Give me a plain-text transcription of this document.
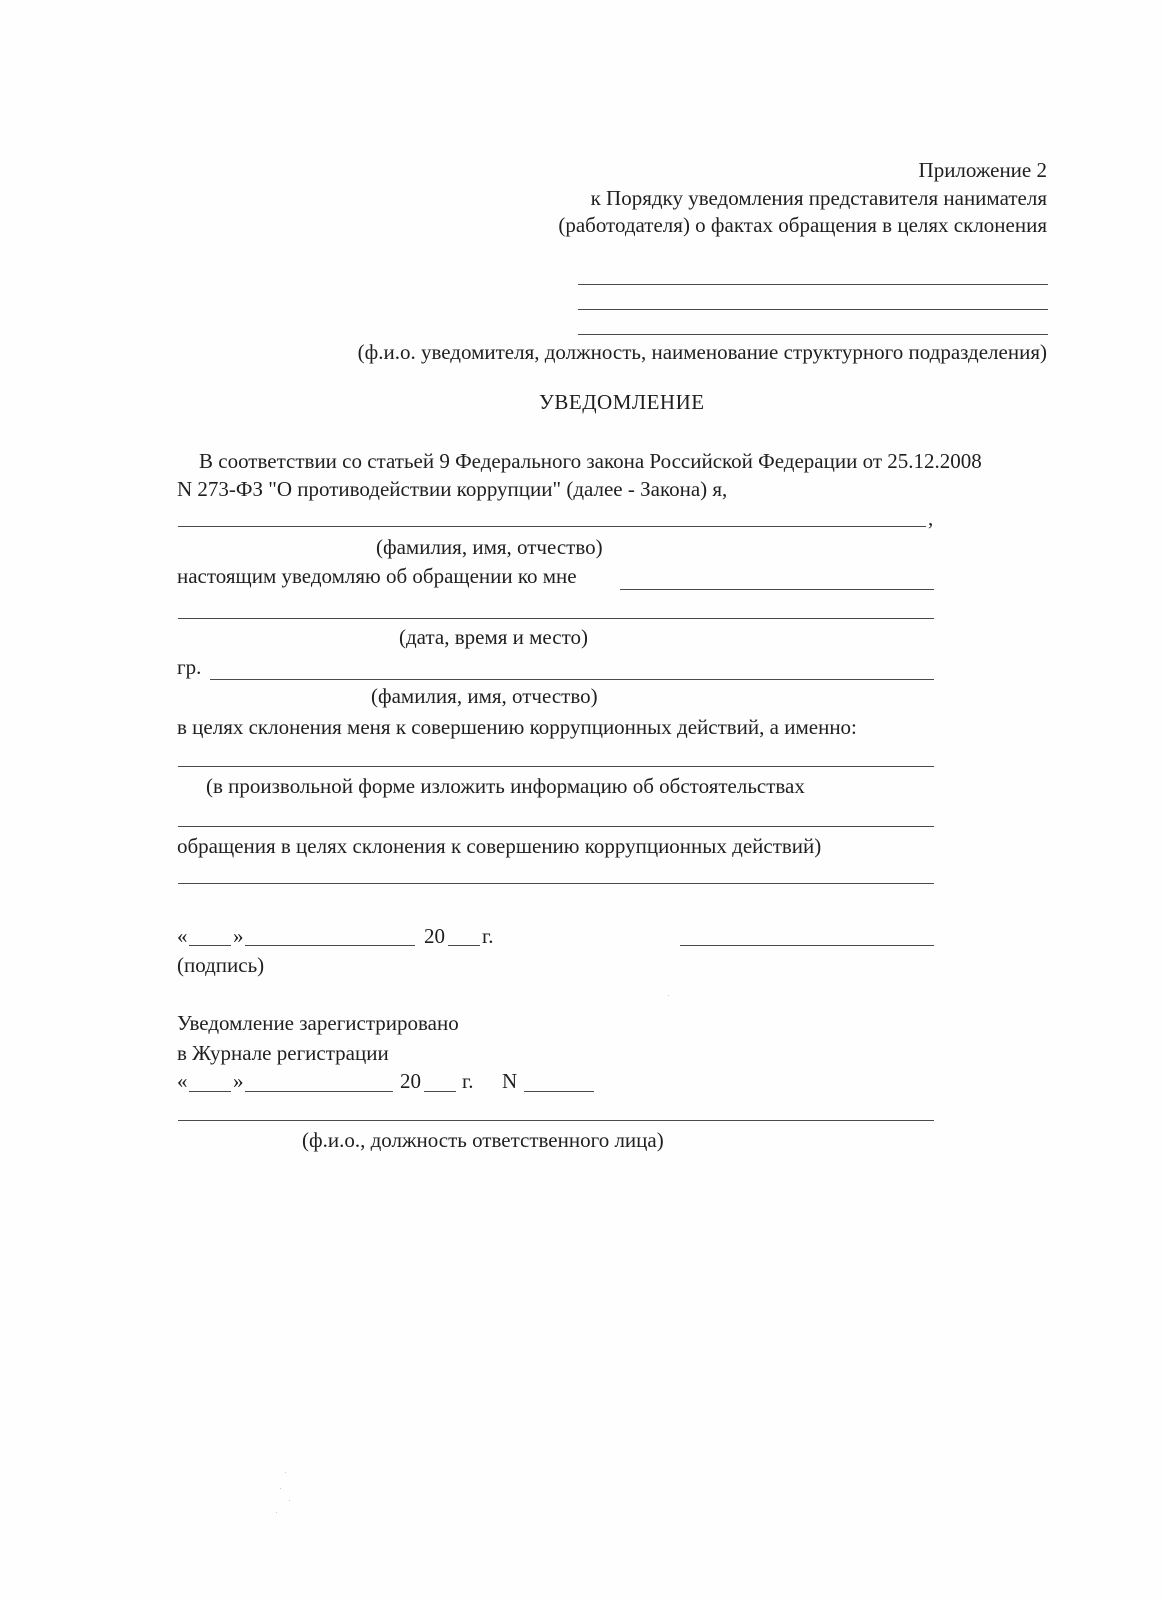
Приложение 2
к Порядку уведомления представителя нанимателя
(работодателя) о фактах обращения в целях склонения
(ф.и.о. уведомителя, должность, наименование структурного подразделения)
УВЕДОМЛЕНИЕ
В соответствии со статьей 9 Федерального закона Российской Федерации от 25.12.2008
N 273-ФЗ "О противодействии коррупции" (далее - Закона) я,
,
(фамилия, имя, отчество)
настоящим уведомляю об обращении ко мне
(дата, время и место)
гр.
(фамилия, имя, отчество)
в целях склонения меня к совершению коррупционных действий, а именно:
(в произвольной форме изложить информацию об обстоятельствах
обращения в целях склонения к совершению коррупционных действий)
« »	20 г.
(подпись)
Уведомление зарегистрировано
в Журнале регистрации
« »	20 г. N
(ф.и.о., должность ответственного лица)
